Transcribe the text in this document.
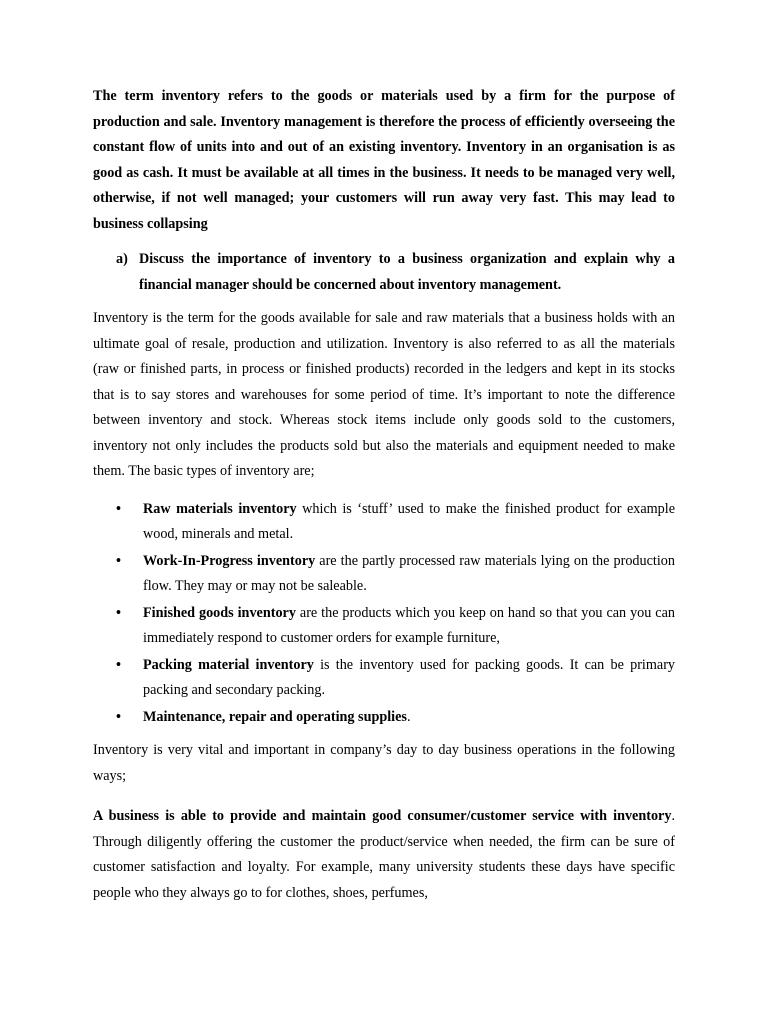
The term inventory refers to the goods or materials used by a firm for the purpose of production and sale. Inventory management is therefore the process of efficiently overseeing the constant flow of units into and out of an existing inventory. Inventory in an organisation is as good as cash. It must be available at all times in the business. It needs to be managed very well, otherwise, if not well managed; your customers will run away very fast. This may lead to business collapsing

a) Discuss the importance of inventory to a business organization and explain why a financial manager should be concerned about inventory management.

Inventory is the term for the goods available for sale and raw materials that a business holds with an ultimate goal of resale, production and utilization. Inventory is also referred to as all the materials (raw or finished parts, in process or finished products) recorded in the ledgers and kept in its stocks that is to say stores and warehouses for some period of time. It’s important to note the difference between inventory and stock. Whereas stock items include only goods sold to the customers, inventory not only includes the products sold but also the materials and equipment needed to make them. The basic types of inventory are;

• Raw materials inventory which is ‘stuff’ used to make the finished product for example wood, minerals and metal.
• Work-In-Progress inventory are the partly processed raw materials lying on the production flow. They may or may not be saleable.
• Finished goods inventory are the products which you keep on hand so that you can you can immediately respond to customer orders for example furniture,
• Packing material inventory is the inventory used for packing goods. It can be primary packing and secondary packing.
• Maintenance, repair and operating supplies.

Inventory is very vital and important in company’s day to day business operations in the following ways;

A business is able to provide and maintain good consumer/customer service with inventory. Through diligently offering the customer the product/service when needed, the firm can be sure of customer satisfaction and loyalty. For example, many university students these days have specific people who they always go to for clothes, shoes, perfumes,
